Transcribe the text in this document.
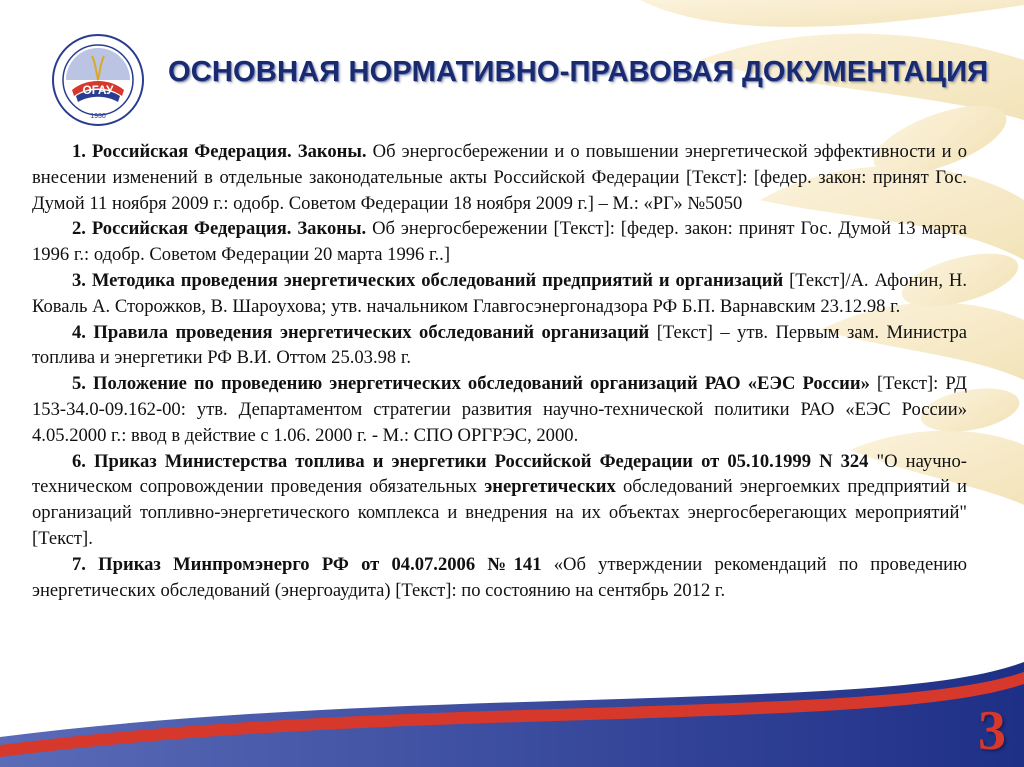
ОГАУ
1930
ОСНОВНАЯ НОРМАТИВНО-ПРАВОВАЯ ДОКУМЕНТАЦИЯ

1. Российская Федерация. Законы. Об энергосбережении и о повышении энергетической эффективности и о внесении изменений в отдельные законодательные акты Российской Федерации [Текст]: [федер. закон: принят Гос. Думой 11 ноября 2009 г.: одобр. Советом Федерации 18 ноября 2009 г.] – М.: «РГ» №5050

2. Российская Федерация. Законы. Об энергосбережении [Текст]: [федер. закон: принят Гос. Думой 13 марта 1996 г.: одобр. Советом Федерации 20 марта 1996 г..]

3. Методика проведения энергетических обследований предприятий и организаций [Текст]/А. Афонин, Н. Коваль А. Сторожков, В. Шароухова; утв. начальником Главгосэнергонадзора РФ Б.П. Варнавским 23.12.98 г.

4. Правила проведения энергетических обследований организаций [Текст] – утв. Первым зам. Министра топлива и энергетики РФ В.И. Оттом 25.03.98 г.

5. Положение по проведению энергетических обследований организаций РАО «ЕЭС России» [Текст]: РД 153-34.0-09.162-00: утв. Департаментом стратегии развития научно-технической политики РАО «ЕЭС России» 4.05.2000 г.: ввод в действие с 1.06. 2000 г. - М.: СПО ОРГРЭС, 2000.

6. Приказ Министерства топлива и энергетики Российской Федерации от 05.10.1999 N 324 "О научно-техническом сопровождении проведения обязательных энергетических обследований энергоемких предприятий и организаций топливно-энергетического комплекса и внедрения на их объектах энергосберегающих мероприятий" [Текст].

7. Приказ Минпромэнерго РФ от 04.07.2006 №141 «Об утверждении рекомендаций по проведению энергетических обследований (энергоаудита) [Текст]: по состоянию на сентябрь 2012 г.

3
